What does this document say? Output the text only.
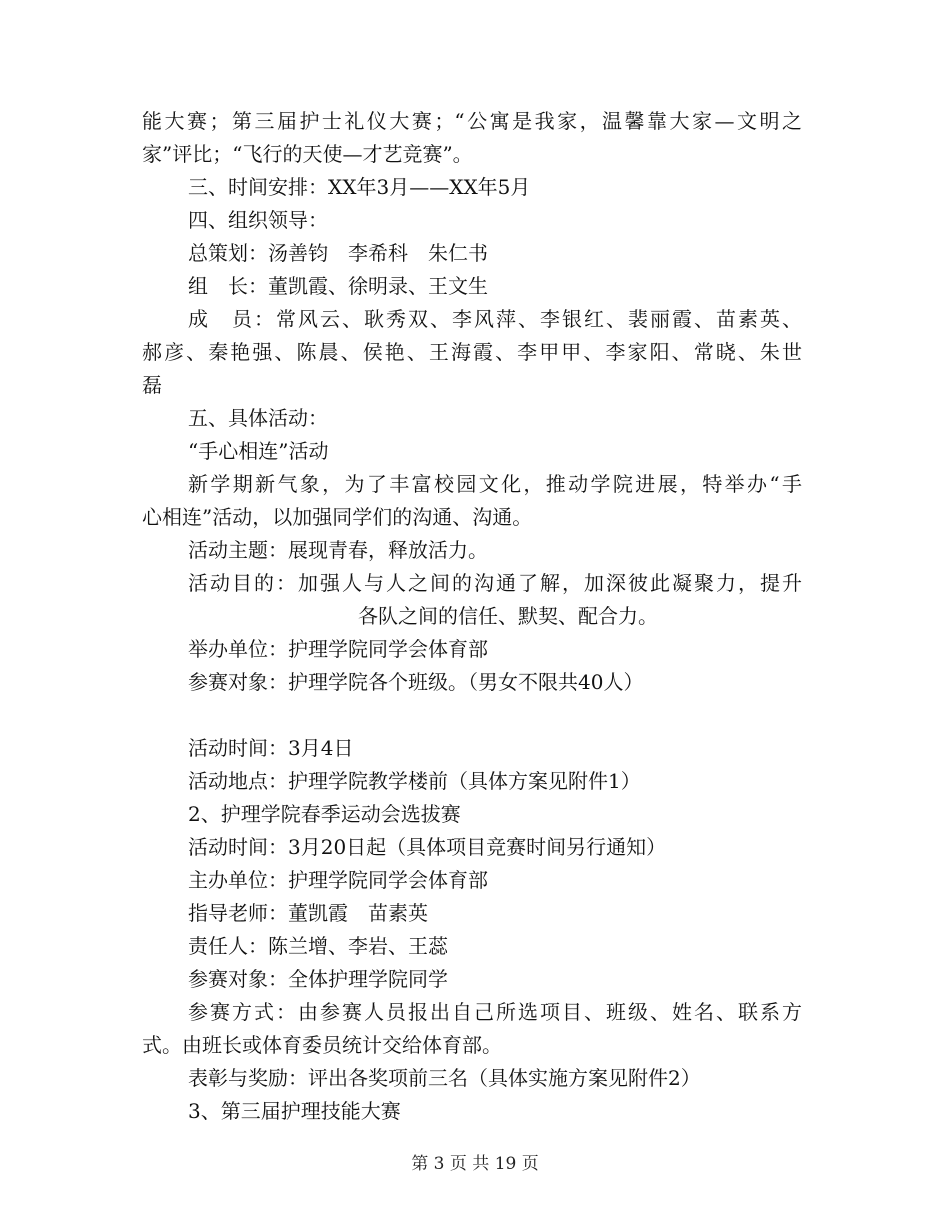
能大赛；第三届护士礼仪大赛；“公寓是我家，温馨靠大家—文明之
家”评比；“飞行的天使—才艺竞赛”。
三、时间安排：XX年3月——XX年5月
四、组织领导：
总策划：汤善钧　李希科　朱仁书
组　长：董凯霞、徐明录、王文生
成　员：常风云、耿秀双、李风萍、李银红、裴丽霞、苗素英、
郝彦、秦艳强、陈晨、侯艳、王海霞、李甲甲、李家阳、常晓、朱世
磊
五、具体活动：
“手心相连”活动
新学期新气象，为了丰富校园文化，推动学院进展，特举办“手
心相连”活动，以加强同学们的沟通、沟通。
活动主题：展现青春，释放活力。
活动目的：加强人与人之间的沟通了解，加深彼此凝聚力，提升
各队之间的信任、默契、配合力。
举办单位：护理学院同学会体育部
参赛对象：护理学院各个班级。（男女不限共40人）
活动时间：3月4日
活动地点：护理学院教学楼前（具体方案见附件1）
2、护理学院春季运动会选拔赛
活动时间：3月20日起（具体项目竞赛时间另行通知）
主办单位：护理学院同学会体育部
指导老师：董凯霞　苗素英
责任人：陈兰增、李岩、王蕊
参赛对象：全体护理学院同学
参赛方式：由参赛人员报出自己所选项目、班级、姓名、联系方
式。由班长或体育委员统计交给体育部。
表彰与奖励：评出各奖项前三名（具体实施方案见附件2）
3、第三届护理技能大赛
第 3 页 共 19 页
